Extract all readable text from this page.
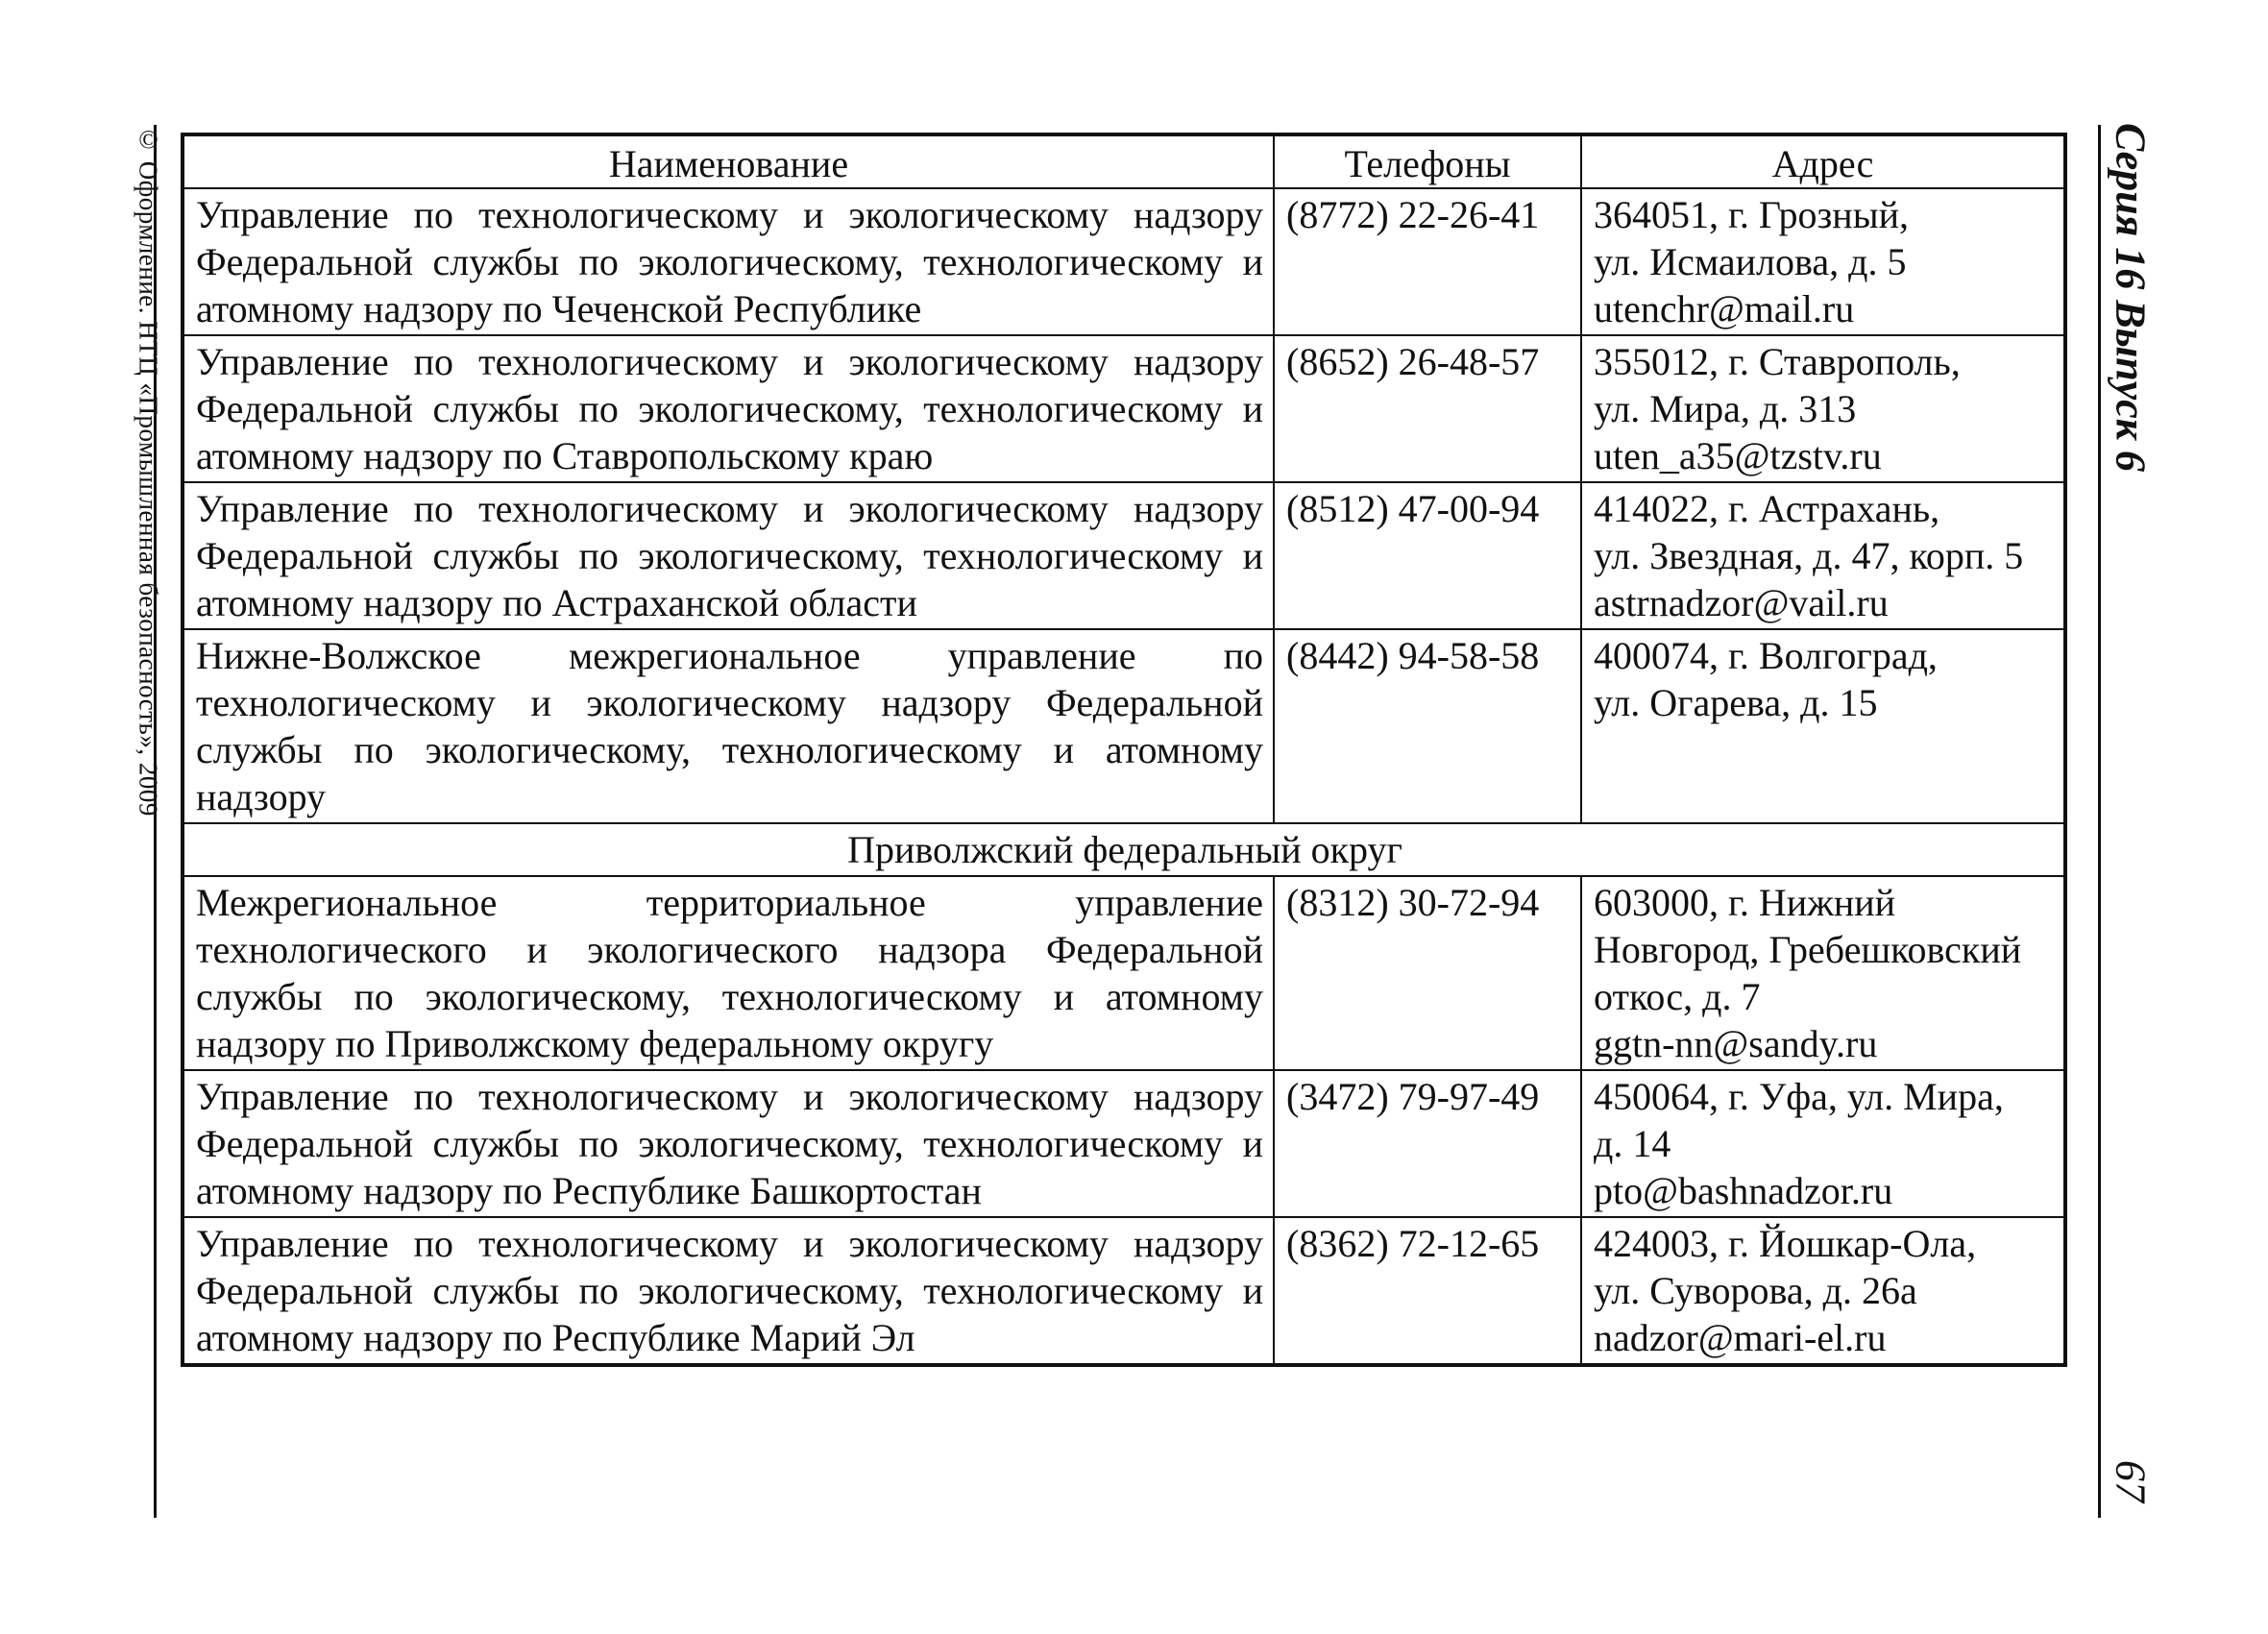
© Оформление. НТЦ «Промышленная безопасность», 2009	Серия 16 Выпуск 6
67
Наименование	Телефоны	Адрес
Управление по технологическому и экологическому надзору Федеральной службы по экологическому, технологическому и атомному надзору по Чеченской Республике	(8772) 22-26-41	364051, г. Грозный,
ул. Исмаилова, д. 5
utenchr@mail.ru

Управление по технологическому и экологическому надзору Федеральной службы по экологическому, технологическому и атомному надзору по Ставропольскому краю	(8652) 26-48-57	355012, г. Ставрополь,
ул. Мира, д. 313
uten_a35@tzstv.ru

Управление по технологическому и экологическому надзору Федеральной службы по экологическому, технологическому и атомному надзору по Астраханской области	(8512) 47-00-94	414022, г. Астрахань,
ул. Звездная, д. 47, корп. 5
astrnadzor@vail.ru

Нижне-Волжское межрегиональное управление по технологическому и экологическому надзору Федеральной службы по экологическому, технологическому и атомному надзору	(8442) 94-58-58	400074, г. Волгоград,
ул. Огарева, д. 15

Приволжский федеральный округ		
Межрегиональное территориальное управление технологического и экологического надзора Федеральной службы по экологическому, технологическому и атомному надзору по Приволжскому федеральному округу	(8312) 30-72-94	603000, г. Нижний Новгород, Гребешковский
откос, д. 7
ggtn-nn@sandy.ru

Управление по технологическому и экологическому надзору Федеральной службы по экологическому, технологическому и атомному надзору по Республике Башкортостан	(3472) 79-97-49	450064, г. Уфа, ул. Мира,
д. 14
pto@bashnadzor.ru

Управление по технологическому и экологическому надзору Федеральной службы по экологическому, технологическому и атомному надзору по Республике Марий Эл	(8362) 72-12-65	424003, г. Йошкар-Ола,
ул. Суворова, д. 26а
nadzor@mari-el.ru
